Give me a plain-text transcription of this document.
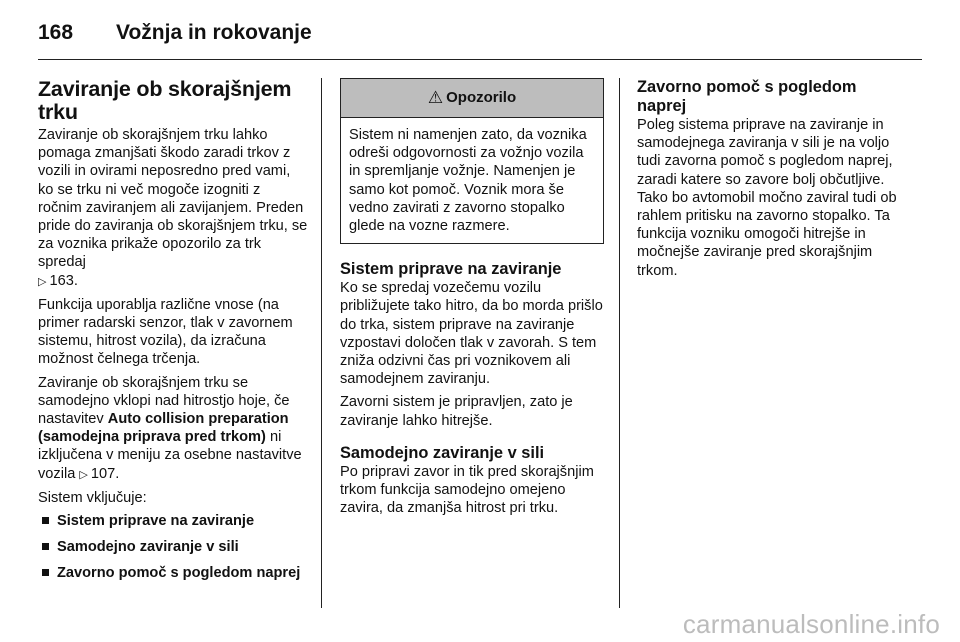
168	Vožnja in rokovanje
Zaviranje ob skorajšnjem trku

Zaviranje ob skorajšnjem trku lahko pomaga zmanjšati škodo zaradi trkov z vozili in ovirami neposredno pred vami, ko se trku ni več mogoče izogniti z ročnim zaviranjem ali zavijanjem. Preden pride do zaviranja ob skorajšnjem trku, se za voznika prikaže opozorilo za trk spredaj
▷ 163.

Funkcija uporablja različne vnose (na primer radarski senzor, tlak v zavornem sistemu, hitrost vozila), da izračuna možnost čelnega trčenja.

Zaviranje ob skorajšnjem trku se samodejno vklopi nad hitrostjo hoje, če nastavitev Auto collision preparation (samodejna priprava pred trkom) ni izključena v meniju za osebne nastavitve vozila ▷ 107.

Sistem vključuje:

Sistem priprave na zaviranje
Samodejno zaviranje v sili
Zavorno pomoč s pogledom naprej
⚠ Opozorilo
Sistem ni namenjen zato, da voznika odreši odgovornosti za vožnjo vozila in spremljanje vožnje. Namenjen je samo kot pomoč. Voznik mora še vedno zavirati z zavorno stopalko glede na vozne razmere.
Sistem priprave na zaviranje

Ko se spredaj vozečemu vozilu približujete tako hitro, da bo morda prišlo do trka, sistem priprave na zaviranje vzpostavi določen tlak v zavorah. S tem zniža odzivni čas pri voznikovem ali samodejnem zaviranju.

Zavorni sistem je pripravljen, zato je zaviranje lahko hitrejše.

Samodejno zaviranje v sili

Po pripravi zavor in tik pred skorajšnjim trkom funkcija samodejno omejeno zavira, da zmanjša hitrost pri trku.

Zavorno pomoč s pogledom naprej

Poleg sistema priprave na zaviranje in samodejnega zaviranja v sili je na voljo tudi zavorna pomoč s pogledom naprej, zaradi katere so zavore bolj občutljive. Tako bo avtomobil močno zaviral tudi ob rahlem pritisku na zavorno stopalko. Ta funkcija vozniku omogoči hitrejše in močnejše zaviranje pred skorajšnjim trkom.

carmanualsonline.info
